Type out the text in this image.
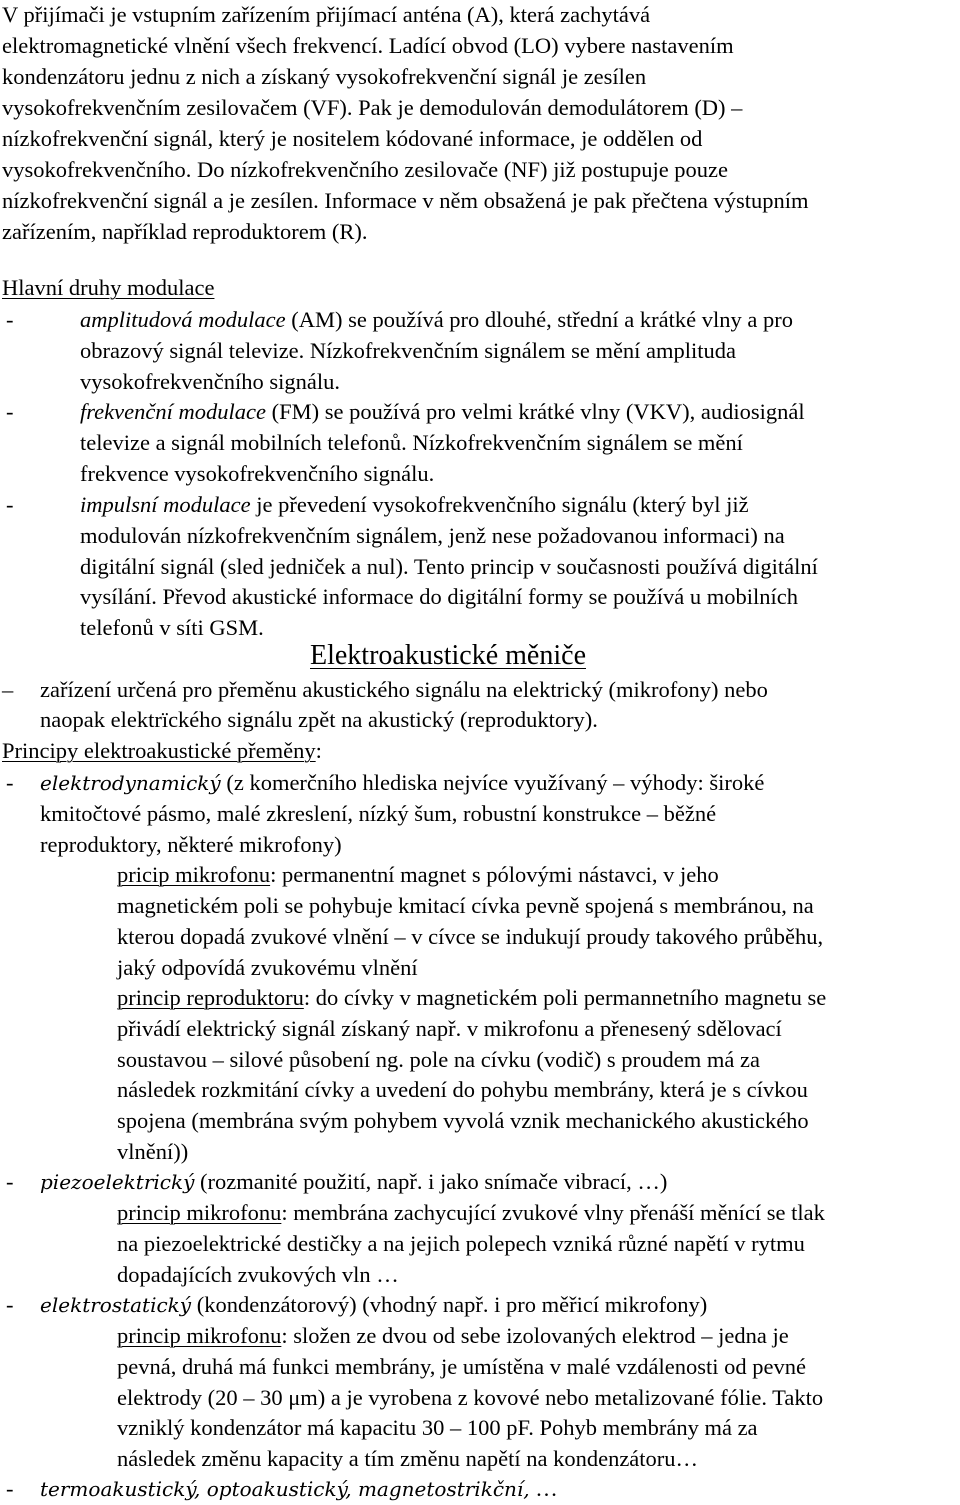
V přijímači je vstupním zařízením přijímací anténa (A), která zachytává
elektromagnetické vlnění všech frekvencí. Ladící obvod (LO) vybere nastavením
kondenzátoru jednu z nich a získaný vysokofrekvenční signál je zesílen
vysokofrekvenčním zesilovačem (VF). Pak je demodulován demodulátorem (D) –
nízkofrekvenční signál, který je nositelem kódované informace, je oddělen od
vysokofrekvenčního. Do nízkofrekvenčního zesilovače (NF) již postupuje pouze
nízkofrekvenční signál a je zesílen. Informace v něm obsažená je pak přečtena výstupním
zařízením, například reproduktorem (R).
Hlavní druhy modulace
-	amplitudová modulace (AM) se používá pro dlouhé, střední a krátké vlny a pro
obrazový signál televize. Nízkofrekvenčním signálem se mění amplituda
vysokofrekvenčního signálu.
-	frekvenční modulace (FM) se používá pro velmi krátké vlny (VKV), audiosignál
televize a signál mobilních telefonů. Nízkofrekvenčním signálem se mění
frekvence vysokofrekvenčního signálu.
-	impulsní modulace je převedení vysokofrekvenčního signálu (který byl již
modulován nízkofrekvenčním signálem, jenž nese požadovanou informaci) na
digitální signál (sled jedniček a nul). Tento princip v současnosti používá digitální
vysílání. Převod akustické informace do digitální formy se používá u mobilních
telefonů v síti GSM.
Elektroakustické měniče
– zařízení určená pro přeměnu akustického signálu na elektrický (mikrofony) nebo
naopak elektrïckého signálu zpět na akustický (reproduktory).
Principy elektroakustické přeměny:
- elektrodynamický (z komerčního hlediska nejvíce využívaný – výhody: široké
kmitočtové pásmo, malé zkreslení, nízký šum, robustní konstrukce – běžné
reproduktory, některé mikrofony)
pricip mikrofonu: permanentní magnet s pólovými nástavci, v jeho
magnetickém poli se pohybuje kmitací cívka pevně spojená s membránou, na
kterou dopadá zvukové vlnění – v cívce se indukují proudy takového průběhu,
jaký odpovídá zvukovému vlnění
princip reproduktoru: do cívky v magnetickém poli permannetního magnetu se
přivádí elektrický signál získaný např. v mikrofonu a přenesený sdělovací
soustavou – silové působení ng. pole na cívku (vodič) s proudem má za
následek rozkmitání cívky a uvedení do pohybu membrány, která je s cívkou
spojena (membrána svým pohybem vyvolá vznik mechanického akustického
vlnění))
- piezoelektrický (rozmanité použití, např. i jako snímače vibrací, …)
princip mikrofonu: membrána zachycující zvukové vlny přenáší měnící se tlak
na piezoelektrické destičky a na jejich polepech vzniká různé napětí v rytmu
dopadajících zvukových vln …
- elektrostatický (kondenzátorový) (vhodný např. i pro měřicí mikrofony)
princip mikrofonu: složen ze dvou od sebe izolovaných elektrod – jedna je
pevná, druhá má funkci membrány, je umístěna v malé vzdálenosti od pevné
elektrody (20 – 30 μm) a je vyrobena z kovové nebo metalizované fólie. Takto
vzniklý kondenzátor má kapacitu 30 – 100 pF. Pohyb membrány má za
následek změnu kapacity a tím změnu napětí na kondenzátoru…
- termoakustický, optoakustický, magnetostrikční, …
